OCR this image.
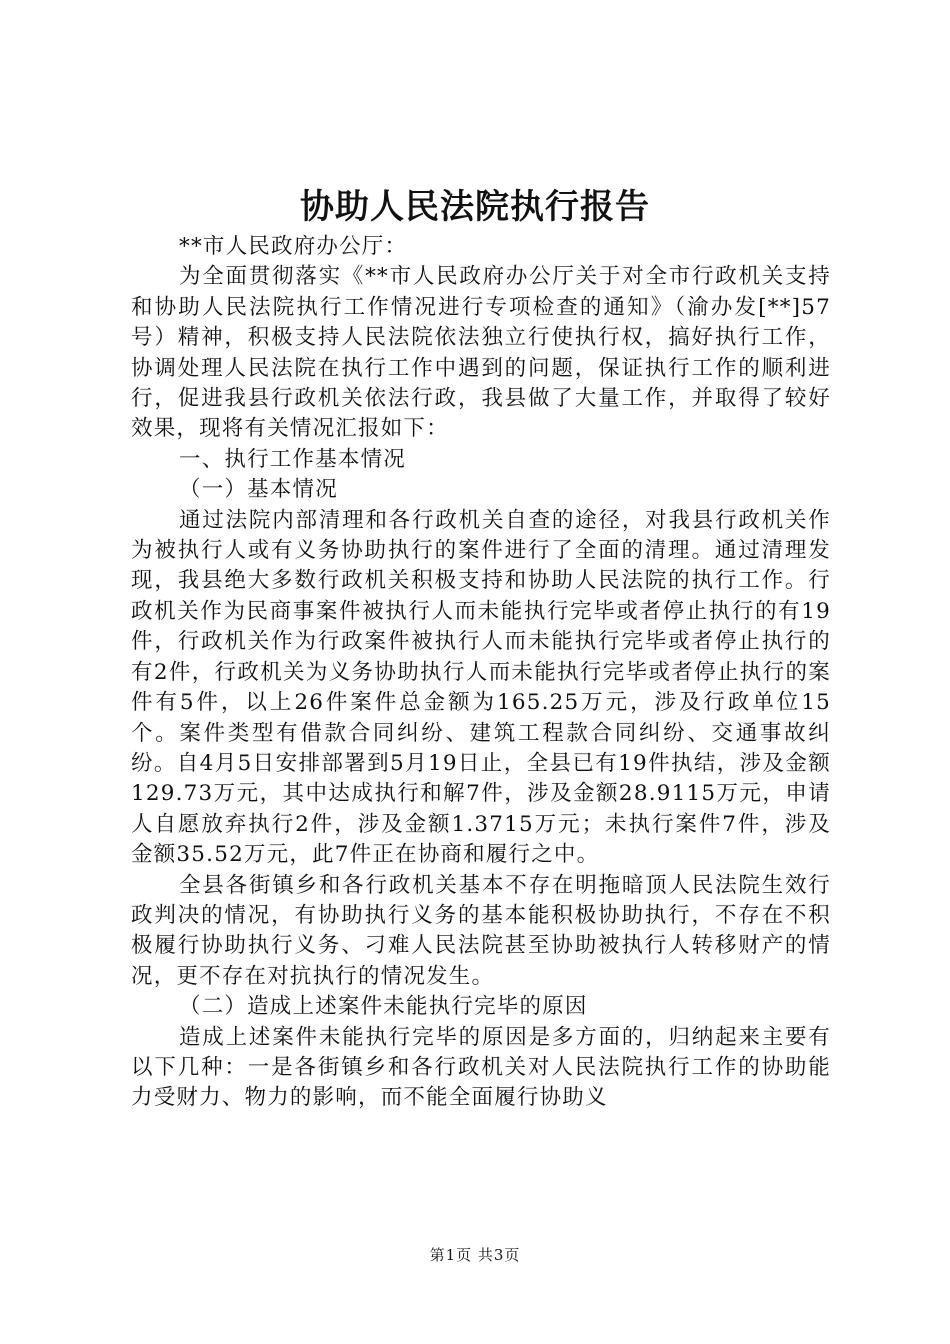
协助人民法院执行报告

**市人民政府办公厅：

为全面贯彻落实《**市人民政府办公厅关于对全市行政机关支持和协助人民法院执行工作情况进行专项检查的通知》（渝办发[**]57号）精神，积极支持人民法院依法独立行使执行权，搞好执行工作，协调处理人民法院在执行工作中遇到的问题，保证执行工作的顺利进行，促进我县行政机关依法行政，我县做了大量工作，并取得了较好效果，现将有关情况汇报如下：

一、执行工作基本情况

（一）基本情况

通过法院内部清理和各行政机关自查的途径，对我县行政机关作为被执行人或有义务协助执行的案件进行了全面的清理。通过清理发现，我县绝大多数行政机关积极支持和协助人民法院的执行工作。行政机关作为民商事案件被执行人而未能执行完毕或者停止执行的有19件，行政机关作为行政案件被执行人而未能执行完毕或者停止执行的有2件，行政机关为义务协助执行人而未能执行完毕或者停止执行的案件有5件，以上26件案件总金额为165.25万元，涉及行政单位15个。案件类型有借款合同纠纷、建筑工程款合同纠纷、交通事故纠纷。自4月5日安排部署到5月19日止，全县已有19件执结，涉及金额129.73万元，其中达成执行和解7件，涉及金额28.9115万元，申请人自愿放弃执行2件，涉及金额1.3715万元；未执行案件7件，涉及金额35.52万元，此7件正在协商和履行之中。

全县各街镇乡和各行政机关基本不存在明拖暗顶人民法院生效行政判决的情况，有协助执行义务的基本能积极协助执行，不存在不积极履行协助执行义务、刁难人民法院甚至协助被执行人转移财产的情况，更不存在对抗执行的情况发生。

（二）造成上述案件未能执行完毕的原因

造成上述案件未能执行完毕的原因是多方面的，归纳起来主要有以下几种：一是各街镇乡和各行政机关对人民法院执行工作的协助能力受财力、物力的影响，而不能全面履行协助义

第1页 共3页
